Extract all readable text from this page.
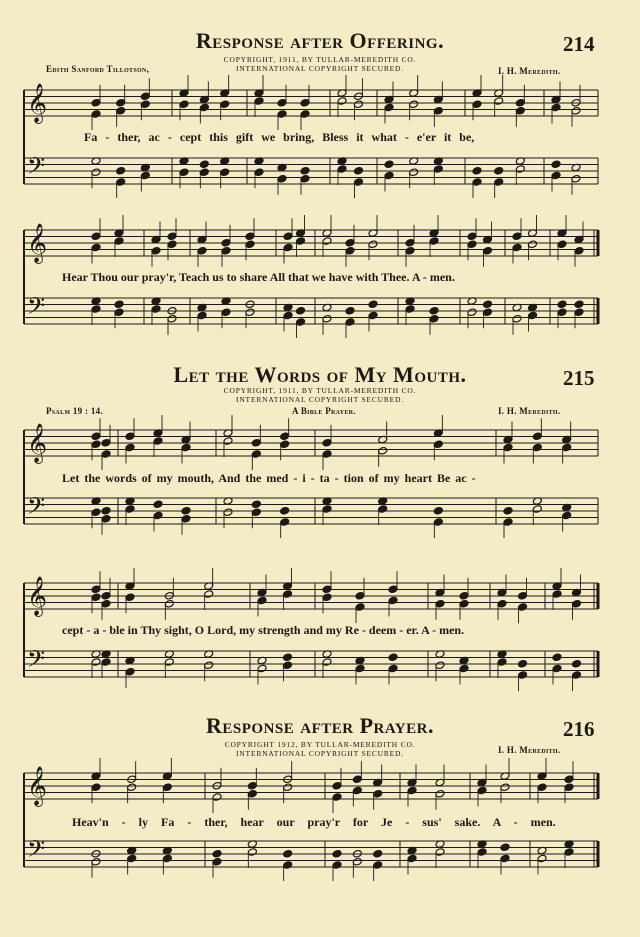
𝄞
𝄢
𝄞
𝄢
𝄞
𝄢
𝄞
𝄢
𝄞
𝄢
Response after Offering.	214
COPYRIGHT, 1911, BY TULLAR-MEREDITH CO.
INTERNATIONAL COPYRIGHT SECURED.
Edith Sanford Tillotson,	I. H. Meredith.
Fa - ther, ac - cept this gift we bring, Bless it what - e'er it be,
Hear Thou our pray'r, Teach us to share All that we have with Thee. A - men.
Let the Words of My Mouth.	215
COPYRIGHT, 1911, BY TULLAR-MEREDITH CO.
INTERNATIONAL COPYRIGHT SECURED.
Psalm 19 : 14.	A Bible Prayer.	I. H. Meredith.
Let the words of my mouth, And the med - i - ta - tion of my heart Be ac -
cept - a - ble in Thy sight, O Lord, my strength and my Re - deem - er. A - men.
Response after Prayer.	216
COPYRIGHT 1912, BY TULLAR-MEREDITH CO.
INTERNATIONAL COPYRIGHT SECURED.	I. H. Meredith.
Heav'n - ly Fa - ther, hear our pray'r for Je - sus' sake. A - men.
